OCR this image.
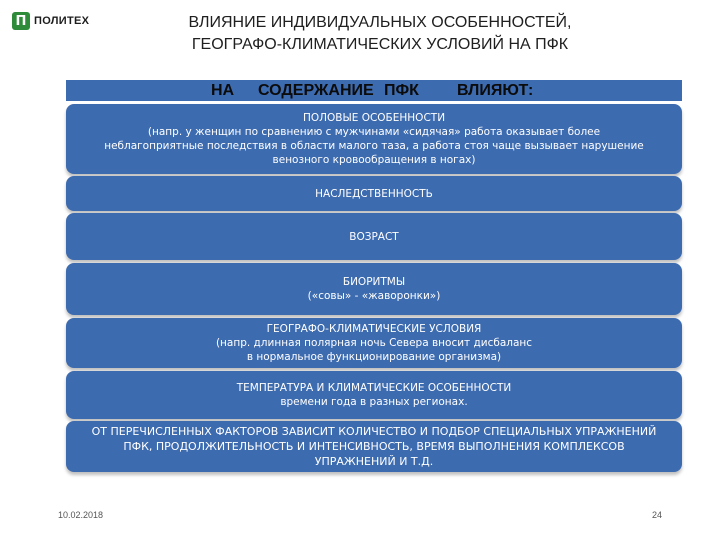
П ПОЛИТЕХ	ВЛИЯНИЕ ИНДИВИДУАЛЬНЫХ ОСОБЕННОСТЕЙ,
ГЕОГРАФО-КЛИМАТИЧЕСКИХ УСЛОВИЙ НА ПФК
НА СОДЕРЖАНИЕ ПФК ВЛИЯЮТ:
ПОЛОВЫЕ ОСОБЕННОСТИ
(напр. у женщин по сравнению с мужчинами «сидячая» работа оказывает более
неблагоприятные последствия в области малого таза, а работа стоя чаще вызывает нарушение
венозного кровообращения в ногах)
НАСЛЕДСТВЕННОСТЬ
ВОЗРАСТ
БИОРИТМЫ
(«совы» - «жаворонки»)
ГЕОГРАФО-КЛИМАТИЧЕСКИЕ УСЛОВИЯ
(напр. длинная полярная ночь Севера вносит дисбаланс
в нормальное функционирование организма)
ТЕМПЕРАТУРА И КЛИМАТИЧЕСКИЕ ОСОБЕННОСТИ
времени года в разных регионах.
ОТ ПЕРЕЧИСЛЕННЫХ ФАКТОРОВ ЗАВИСИТ КОЛИЧЕСТВО И ПОДБОР СПЕЦИАЛЬНЫХ УПРАЖНЕНИЙ
ПФК, ПРОДОЛЖИТЕЛЬНОСТЬ И ИНТЕНСИВНОСТЬ, ВРЕМЯ ВЫПОЛНЕНИЯ КОМПЛЕКСОВ
УПРАЖНЕНИЙ И Т.Д.
10.02.2018	24
